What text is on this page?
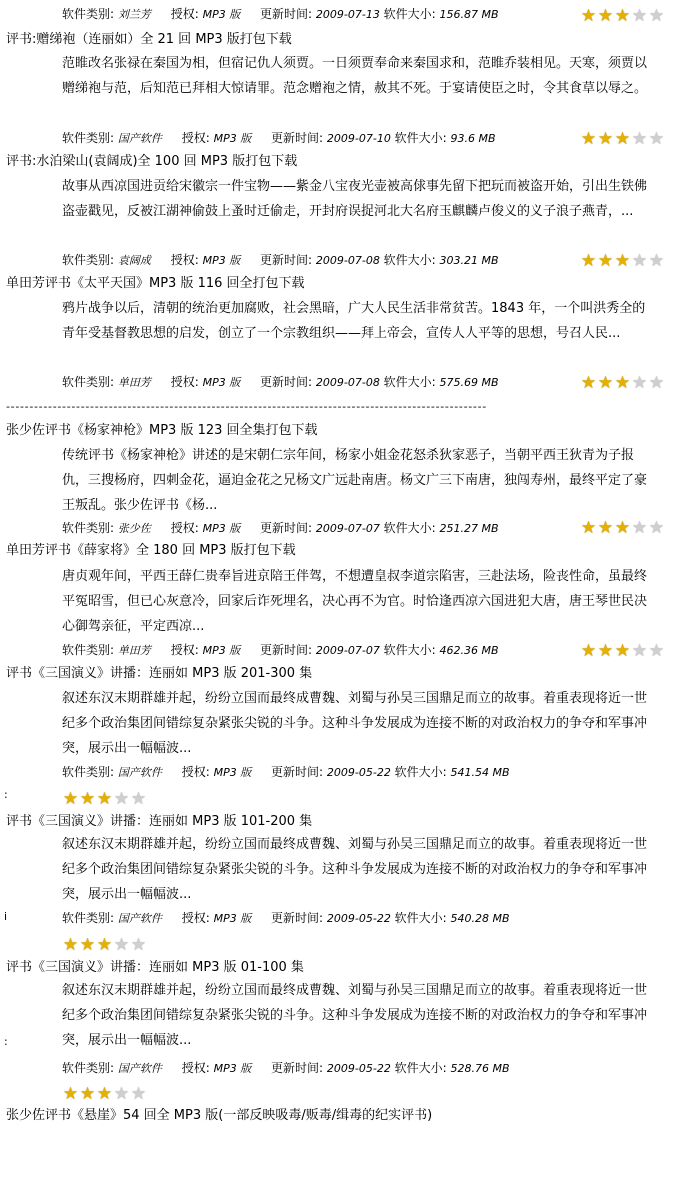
软件类别: 刘兰芳 授权: MP3 版 更新时间: 2009-07-13 软件大小: 156.87 MB	★ ★ ★ ★ ★
评书:赠绨袍（连丽如）全 21 回 MP3 版打包下载
范睢改名张禄在秦国为相，但宿记仇人须贾。一日须贾奉命来秦国求和，范睢乔装相见。天寒，须贾以赠绨袍与范，后知范已拜相大惊请罪。范念赠袍之情，赦其不死。于宴请使臣之时，令其食草以辱之。
软件类别: 国产软件 授权: MP3 版 更新时间: 2009-07-10 软件大小: 93.6 MB	★ ★ ★ ★ ★
评书:水泊梁山(袁阔成)全 100 回 MP3 版打包下载
故事从西凉国进贡给宋徽宗一件宝物——紫金八宝夜光壶被高俅事先留下把玩而被盗开始，引出生铁佛盗壶戳见，反被江湖神偷鼓上蚤时迁偷走，开封府误捉河北大名府玉麒麟卢俊义的义子浪子燕青，...
软件类别: 袁阔成 授权: MP3 版 更新时间: 2009-07-08 软件大小: 303.21 MB	★ ★ ★ ★ ★
单田芳评书《太平天国》MP3 版 116 回全打包下载
鸦片战争以后，清朝的统治更加腐败，社会黑暗，广大人民生活非常贫苦。1843 年，一个叫洪秀全的青年受基督教思想的启发，创立了一个宗教组织——拜上帝会，宣传人人平等的思想，号召人民...
软件类别: 单田芳 授权: MP3 版 更新时间: 2009-07-08 软件大小: 575.69 MB	★ ★ ★ ★ ★
-------------------------------------------------------------------------------------------------------
张少佐评书《杨家神枪》MP3 版 123 回全集打包下载
传统评书《杨家神枪》讲述的是宋朝仁宗年间，杨家小姐金花怒杀狄家恶子，当朝平西王狄青为子报仇，三搜杨府，四刺金花，逼迫金花之兄杨文广远赴南唐。杨文广三下南唐，独闯寿州，最终平定了豪王叛乱。张少佐评书《杨...
软件类别: 张少佐 授权: MP3 版 更新时间: 2009-07-07 软件大小: 251.27 MB	★ ★ ★ ★ ★
单田芳评书《薛家将》全 180 回 MP3 版打包下载
唐贞观年间，平西王薛仁贵奉旨进京陪王伴驾，不想遭皇叔李道宗陷害，三赴法场，险丧性命，虽最终平冤昭雪，但已心灰意冷，回家后诈死埋名，决心再不为官。时恰逢西凉六国进犯大唐，唐王琴世民决心御驾亲征，平定西凉...
软件类别: 单田芳 授权: MP3 版 更新时间: 2009-07-07 软件大小: 462.36 MB	★ ★ ★ ★ ★
评书《三国演义》讲播：连丽如 MP3 版 201-300 集
叙述东汉末期群雄并起，纷纷立国而最终成曹魏、刘蜀与孙吴三国鼎足而立的故事。着重表现将近一世纪多个政治集团间错综复杂紧张尖锐的斗争。这种斗争发展成为连接不断的对政治权力的争夺和军事冲突，展示出一幅幅波...
软件类别: 国产软件 授权: MP3 版 更新时间: 2009-05-22 软件大小: 541.54 MB
:	★ ★ ★ ★ ★
评书《三国演义》讲播：连丽如 MP3 版 101-200 集
叙述东汉末期群雄并起，纷纷立国而最终成曹魏、刘蜀与孙吴三国鼎足而立的故事。着重表现将近一世纪多个政治集团间错综复杂紧张尖锐的斗争。这种斗争发展成为连接不断的对政治权力的争夺和军事冲突，展示出一幅幅波...
i	软件类别: 国产软件 授权: MP3 版 更新时间: 2009-05-22 软件大小: 540.28 MB
★ ★ ★ ★ ★
评书《三国演义》讲播：连丽如 MP3 版 01-100 集
叙述东汉末期群雄并起，纷纷立国而最终成曹魏、刘蜀与孙吴三国鼎足而立的故事。着重表现将近一世纪多个政治集团间错综复杂紧张尖锐的斗争。这种斗争发展成为连接不断的对政治权力的争夺和军事冲突，展示出一幅幅波...
:
软件类别: 国产软件 授权: MP3 版 更新时间: 2009-05-22 软件大小: 528.76 MB
★ ★ ★ ★ ★
张少佐评书《悬崖》54 回全 MP3 版(一部反映吸毒/贩毒/缉毒的纪实评书)
